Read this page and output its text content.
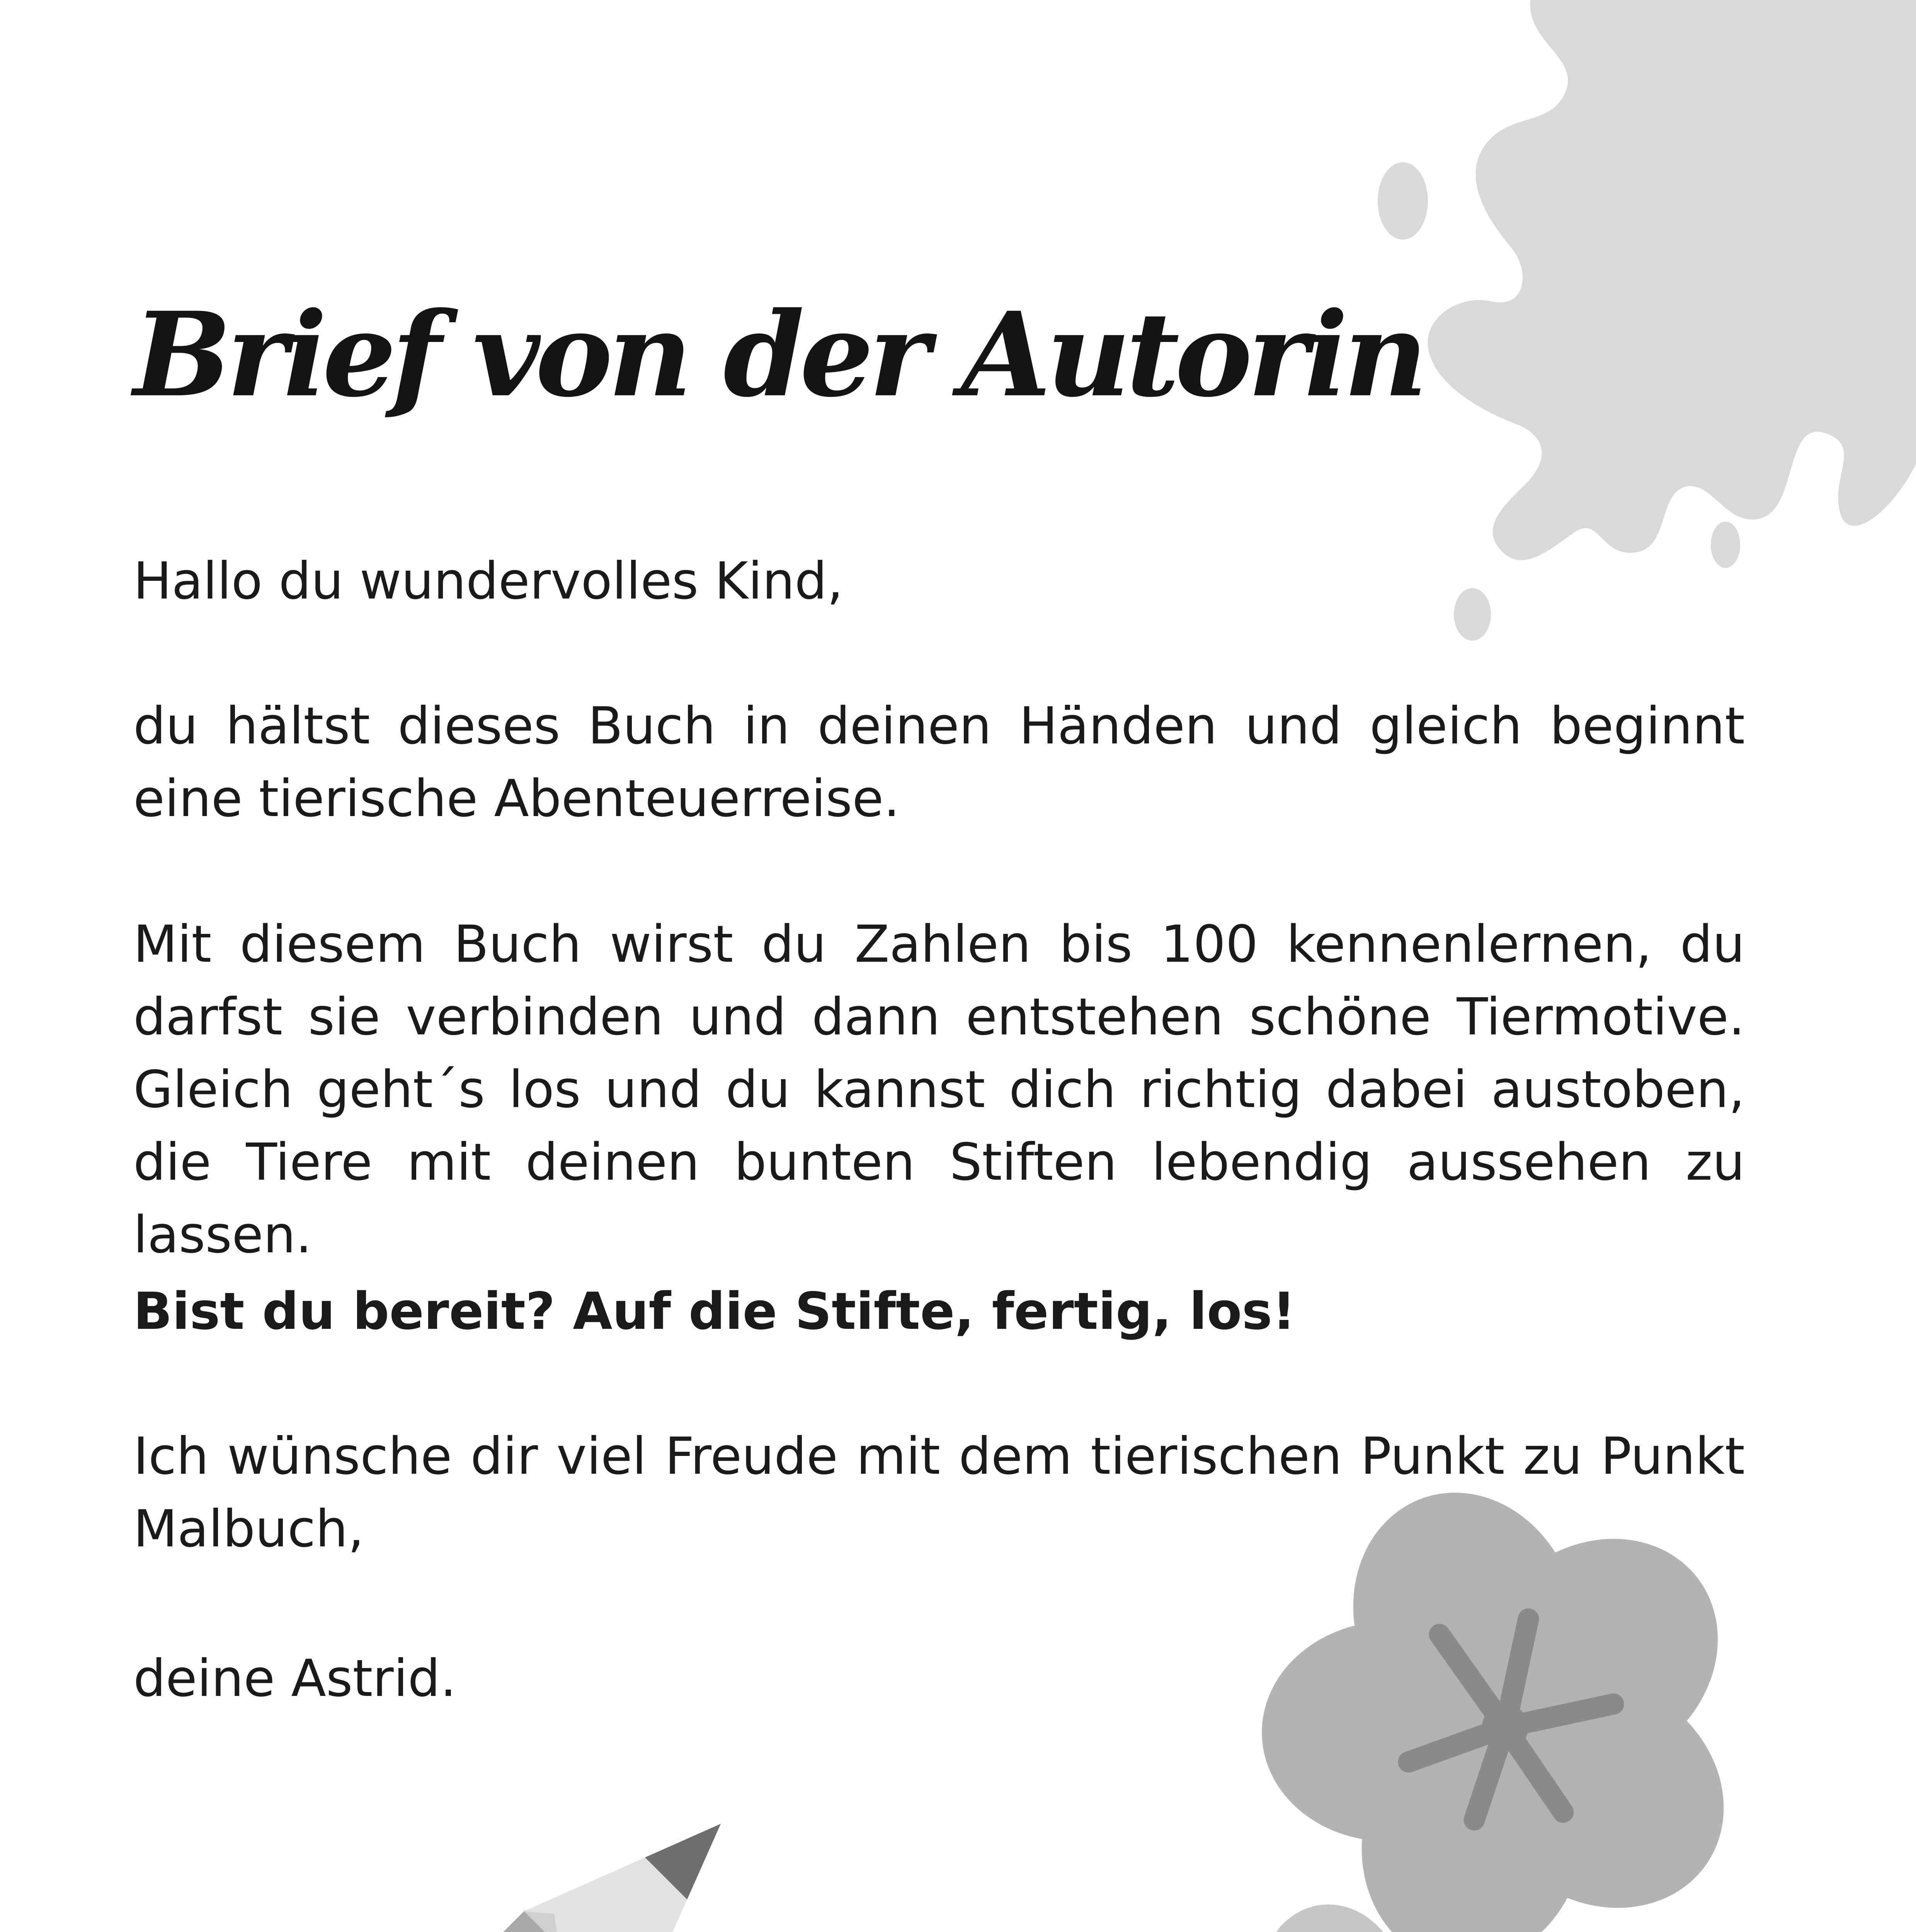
Brief von der Autorin

Hallo du wundervolles Kind,

du hältst dieses Buch in deinen Händen und gleich beginnt eine tierische Abenteuerreise.

Mit diesem Buch wirst du Zahlen bis 100 kennenlernen, du darfst sie verbinden und dann entstehen schöne Tiermotive. Gleich geht´s los und du kannst dich richtig dabei austoben, die Tiere mit deinen bunten Stiften lebendig aussehen zu lassen.

Bist du bereit? Auf die Stifte, fertig, los!

Ich wünsche dir viel Freude mit dem tierischen Punkt zu Punkt Malbuch,

deine Astrid.
